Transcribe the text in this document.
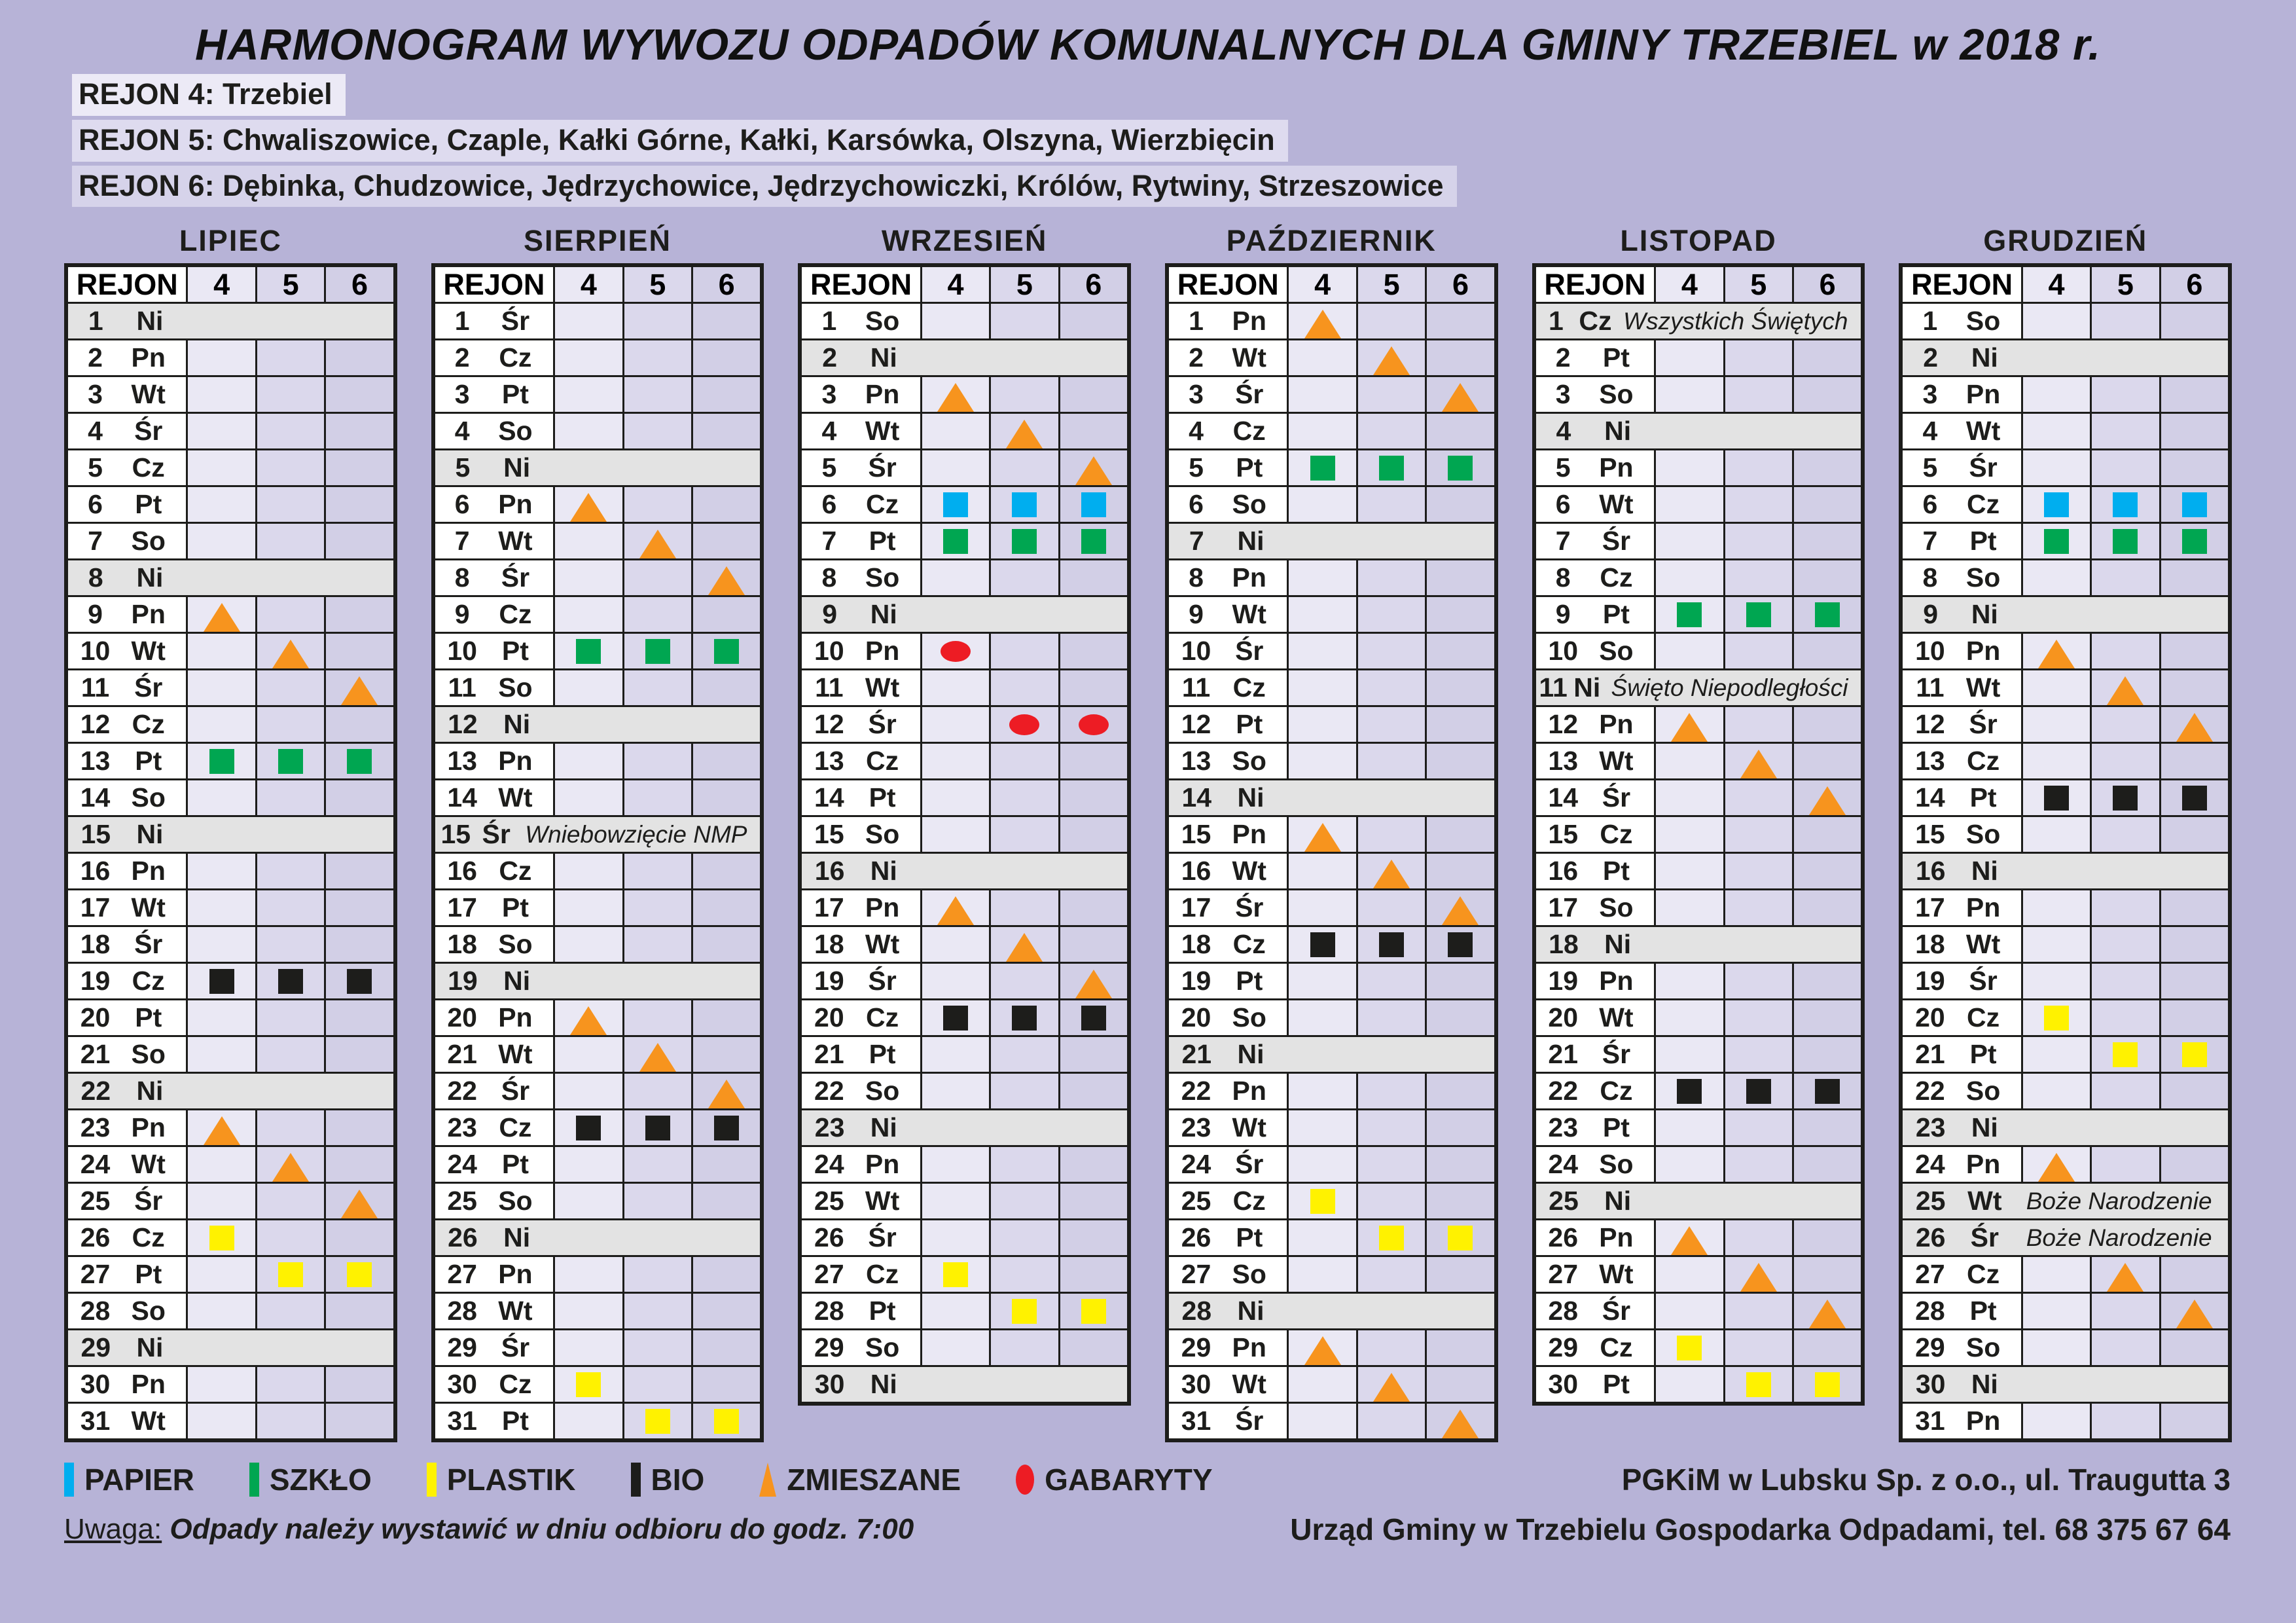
HARMONOGRAM WYWOZU ODPADÓW KOMUNALNYCH DLA GMINY TRZEBIEL w 2018 r.
REJON 4: Trzebiel
REJON 5: Chwaliszowice, Czaple, Kałki Górne, Kałki, Karsówka, Olszyna, Wierzbięcin
REJON 6: Dębinka, Chudzowice, Jędrzychowice, Jędrzychowiczki, Królów, Rytwiny, Strzeszowice
LIPIEC
REJON	4	5	6

1 Ni			

2 Pn			

3 Wt			

4 Śr			

5 Cz			

6 Pt			

7 So			

8 Ni			

9 Pn			

10 Wt			

11 Śr			

12 Cz			

13 Pt			

14 So			

15 Ni			

16 Pn			

17 Wt			

18 Śr			

19 Cz			

20 Pt			

21 So			

22 Ni			

23 Pn			

24 Wt			

25 Śr			

26 Cz			

27 Pt			

28 So			

29 Ni			

30 Pn			

31 Wt			

SIERPIEŃ
REJON	4	5	6

1 Śr			

2 Cz			

3 Pt			

4 So			

5 Ni			

6 Pn			

7 Wt			

8 Śr			

9 Cz			

10 Pt			

11 So			

12 Ni			

13 Pn			

14 Wt			

15 Śr Wniebowzięcie NMP			

16 Cz			

17 Pt			

18 So			

19 Ni			

20 Pn			

21 Wt			

22 Śr			

23 Cz			

24 Pt			

25 So			

26 Ni			

27 Pn			

28 Wt			

29 Śr			

30 Cz			

31 Pt			

WRZESIEŃ
REJON	4	5	6

1 So			

2 Ni			

3 Pn			

4 Wt			

5 Śr			

6 Cz			

7 Pt			

8 So			

9 Ni			

10 Pn			

11 Wt			

12 Śr			

13 Cz			

14 Pt			

15 So			

16 Ni			

17 Pn			

18 Wt			

19 Śr			

20 Cz			

21 Pt			

22 So			

23 Ni			

24 Pn			

25 Wt			

26 Śr			

27 Cz			

28 Pt			

29 So			

30 Ni			
PAŹDZIERNIK
REJON	4	5	6

1 Pn			

2 Wt			

3 Śr			

4 Cz			

5 Pt			

6 So			

7 Ni			

8 Pn			

9 Wt			

10 Śr			

11 Cz			

12 Pt			

13 So			

14 Ni			

15 Pn			

16 Wt			

17 Śr			

18 Cz			

19 Pt			

20 So			

21 Ni			

22 Pn			

23 Wt			

24 Śr			

25 Cz			

26 Pt			

27 So			

28 Ni			

29 Pn			

30 Wt			

31 Śr			

LISTOPAD
REJON	4	5	6

1 Cz Wszystkich Świętych			

2 Pt			

3 So			

4 Ni			

5 Pn			

6 Wt			

7 Śr			

8 Cz			

9 Pt			

10 So			

11 Ni Święto Niepodległości			

12 Pn			

13 Wt			

14 Śr			

15 Cz			

16 Pt			

17 So			

18 Ni			

19 Pn			

20 Wt			

21 Śr			

22 Cz			

23 Pt			

24 So			

25 Ni			

26 Pn			

27 Wt			

28 Śr			

29 Cz			

30 Pt			

GRUDZIEŃ
REJON	4	5	6

1 So			

2 Ni			

3 Pn			

4 Wt			

5 Śr			

6 Cz			

7 Pt			

8 So			

9 Ni			

10 Pn			

11 Wt			

12 Śr			

13 Cz			

14 Pt			

15 So			

16 Ni			

17 Pn			

18 Wt			

19 Śr			

20 Cz			

21 Pt			

22 So			

23 Ni			

24 Pn			

25 Wt Boże Narodzenie			

26 Śr Boże Narodzenie			

27 Cz			

28 Pt			

29 So			

30 Ni			

31 Pn			

PAPIER	SZKŁO	PLASTIK	BIO	ZMIESZANE	GABARYTY	PGKiM w Lubsku Sp. z o.o., ul. Traugutta 3
Uwaga: Odpady należy wystawić w dniu odbioru do godz. 7:00	Urząd Gminy w Trzebielu Gospodarka Odpadami, tel. 68 375 67 64
